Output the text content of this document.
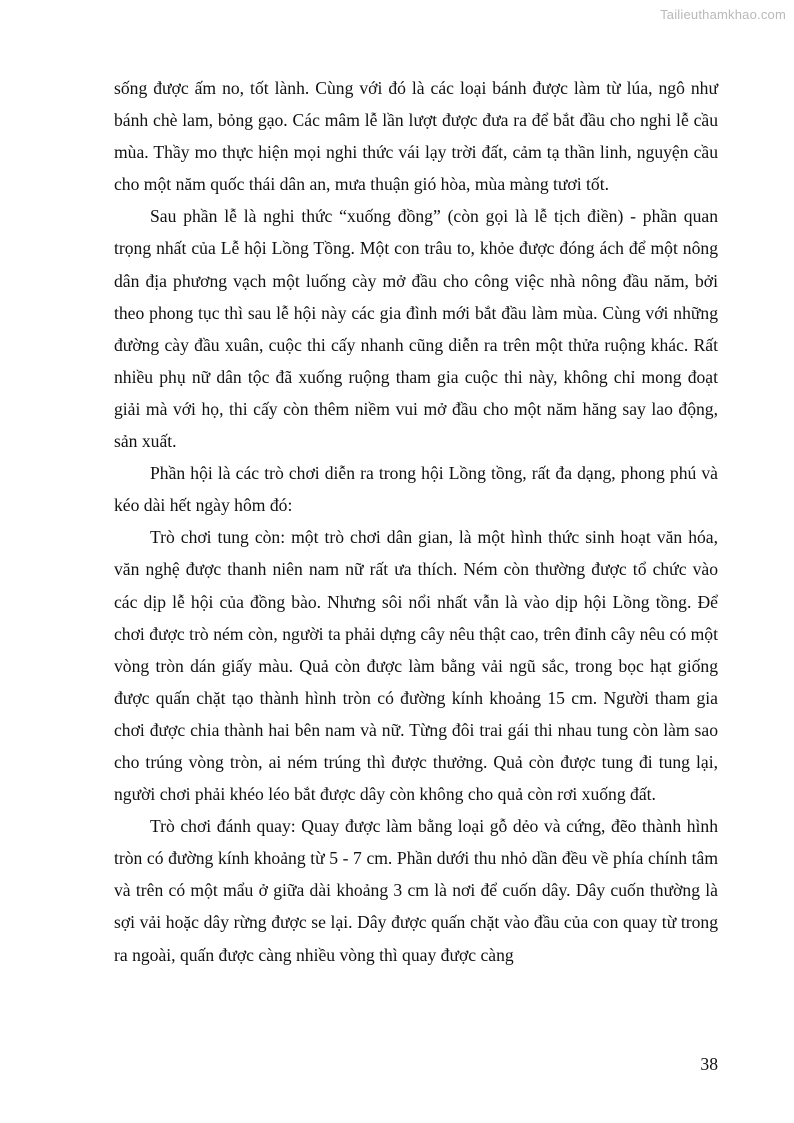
Tailieuthamkhao.com

sống được ấm no, tốt lành. Cùng với đó là các loại bánh được làm từ lúa, ngô như bánh chè lam, bỏng gạo. Các mâm lễ lần lượt được đưa ra để bắt đầu cho nghi lễ cầu mùa. Thầy mo thực hiện mọi nghi thức vái lạy trời đất, cảm tạ thần linh, nguyện cầu cho một năm quốc thái dân an, mưa thuận gió hòa, mùa màng tươi tốt.

Sau phần lễ là nghi thức “xuống đồng” (còn gọi là lễ tịch điền) - phần quan trọng nhất của Lễ hội Lồng Tồng. Một con trâu to, khỏe được đóng ách để một nông dân địa phương vạch một luống cày mở đầu cho công việc nhà nông đầu năm, bởi theo phong tục thì sau lễ hội này các gia đình mới bắt đầu làm mùa. Cùng với những đường cày đầu xuân, cuộc thi cấy nhanh cũng diễn ra trên một thửa ruộng khác. Rất nhiều phụ nữ dân tộc đã xuống ruộng tham gia cuộc thi này, không chỉ mong đoạt giải mà với họ, thi cấy còn thêm niềm vui mở đầu cho một năm hăng say lao động, sản xuất.

Phần hội là các trò chơi diễn ra trong hội Lồng tồng, rất đa dạng, phong phú và kéo dài hết ngày hôm đó:

Trò chơi tung còn: một trò chơi dân gian, là một hình thức sinh hoạt văn hóa, văn nghệ được thanh niên nam nữ rất ưa thích. Ném còn thường được tổ chức vào các dịp lễ hội của đồng bào. Nhưng sôi nổi nhất vẫn là vào dịp hội Lồng tồng. Để chơi được trò ném còn, người ta phải dựng cây nêu thật cao, trên đỉnh cây nêu có một vòng tròn dán giấy màu. Quả còn được làm bằng vải ngũ sắc, trong bọc hạt giống được quấn chặt tạo thành hình tròn có đường kính khoảng 15 cm. Người tham gia chơi được chia thành hai bên nam và nữ. Từng đôi trai gái thi nhau tung còn làm sao cho trúng vòng tròn, ai ném trúng thì được thưởng. Quả còn được tung đi tung lại, người chơi phải khéo léo bắt được dây còn không cho quả còn rơi xuống đất.

Trò chơi đánh quay: Quay được làm bằng loại gỗ dẻo và cứng, đẽo thành hình tròn có đường kính khoảng từ 5 - 7 cm. Phần dưới thu nhỏ dần đều về phía chính tâm và trên có một mẩu ở giữa dài khoảng 3 cm là nơi để cuốn dây. Dây cuốn thường là sợi vải hoặc dây rừng được se lại. Dây được quấn chặt vào đầu của con quay từ trong ra ngoài, quấn được càng nhiều vòng thì quay được càng

38
